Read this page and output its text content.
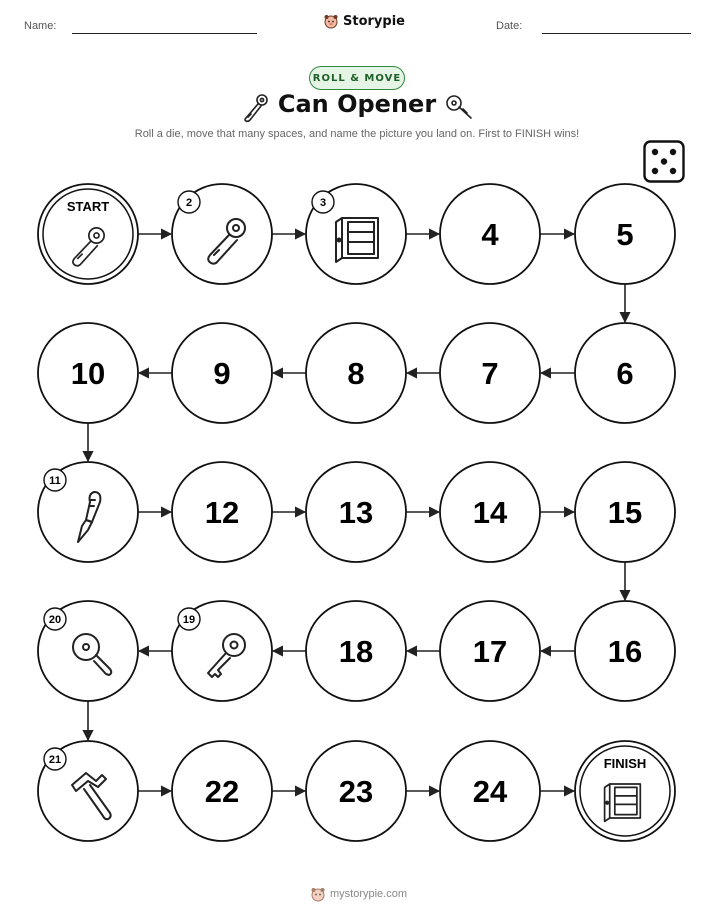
Name:	Storypie	Date:
ROLL & MOVE
Can Opener
Roll a die, move that many spaces, and name the picture you land on. First to FINISH wins!
START	2	3
4	5
6
7
8
9
10
11
12	13	14	15
16
17
18
19
20
21
22	23	24
FINISH
mystorypie.com
